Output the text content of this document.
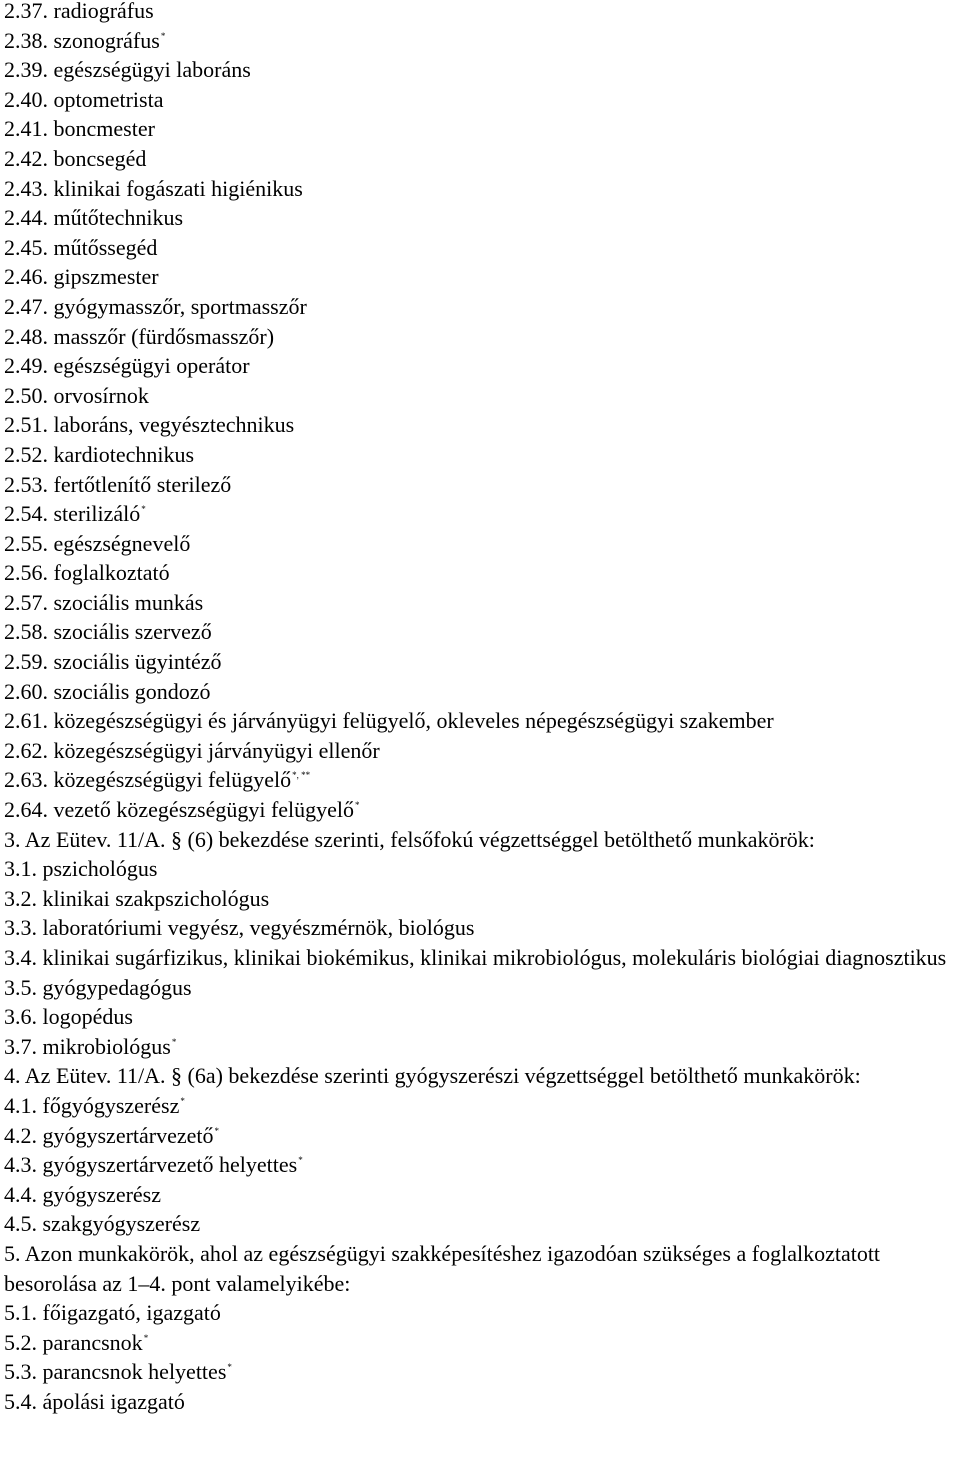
2.37. radiográfus
2.38. szonográfus*
2.39. egészségügyi laboráns
2.40. optometrista
2.41. boncmester
2.42. boncsegéd
2.43. klinikai fogászati higiénikus
2.44. műtőtechnikus
2.45. műtőssegéd
2.46. gipszmester
2.47. gyógymasszőr, sportmasszőr
2.48. masszőr (fürdősmasszőr)
2.49. egészségügyi operátor
2.50. orvosírnok
2.51. laboráns, vegyésztechnikus
2.52. kardiotechnikus
2.53. fertőtlenítő sterilező
2.54. sterilizáló*
2.55. egészségnevelő
2.56. foglalkoztató
2.57. szociális munkás
2.58. szociális szervező
2.59. szociális ügyintéző
2.60. szociális gondozó
2.61. közegészségügyi és járványügyi felügyelő, okleveles népegészségügyi szakember
2.62. közegészségügyi járványügyi ellenőr
2.63. közegészségügyi felügyelő*, **
2.64. vezető közegészségügyi felügyelő*
3. Az Eütev. 11/A. § (6) bekezdése szerinti, felsőfokú végzettséggel betölthető munkakörök:
3.1. pszichológus
3.2. klinikai szakpszichológus
3.3. laboratóriumi vegyész, vegyészmérnök, biológus
3.4. klinikai sugárfizikus, klinikai biokémikus, klinikai mikrobiológus, molekuláris biológiai diagnosztikus
3.5. gyógypedagógus
3.6. logopédus
3.7. mikrobiológus*
4. Az Eütev. 11/A. § (6a) bekezdése szerinti gyógyszerészi végzettséggel betölthető munkakörök:
4.1. főgyógyszerész*
4.2. gyógyszertárvezető*
4.3. gyógyszertárvezető helyettes*
4.4. gyógyszerész
4.5. szakgyógyszerész
5. Azon munkakörök, ahol az egészségügyi szakképesítéshez igazodóan szükséges a foglalkoztatott besorolása az 1–4. pont valamelyikébe:
5.1. főigazgató, igazgató
5.2. parancsnok*
5.3. parancsnok helyettes*
5.4. ápolási igazgató
